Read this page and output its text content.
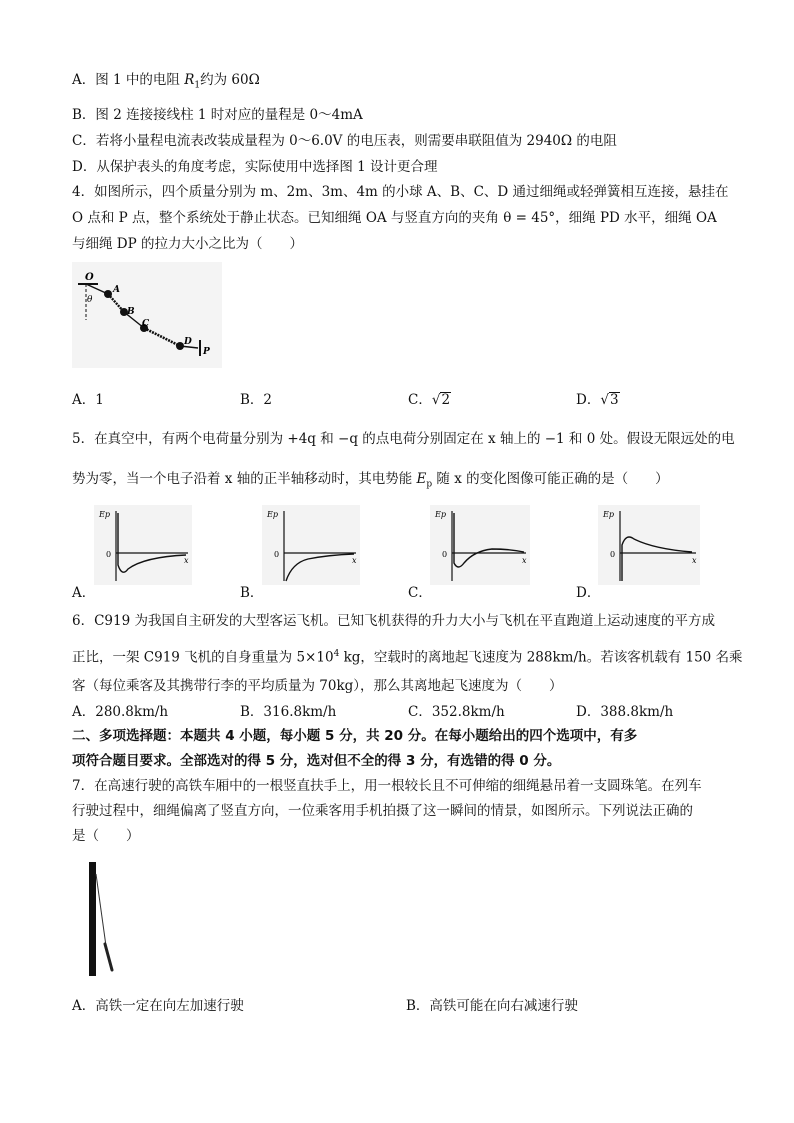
A．图 1 中的电阻 $R_1$约为 60Ω
B．图 2 连接接线柱 1 时对应的量程是 0～4mA
C．若将小量程电流表改装成量程为 0～6.0V 的电压表，则需要串联阻值为 2940Ω 的电阻
D．从保护表头的角度考虑，实际使用中选择图 1 设计更合理
4．如图所示，四个质量分别为 m、2m、3m、4m 的小球 A、B、C、D 通过细绳或轻弹簧相互连接，悬挂在
O 点和 P 点，整个系统处于静止状态。已知细绳 OA 与竖直方向的夹角 θ = 45°，细绳 PD 水平，细绳 OA
与细绳 DP 的拉力大小之比为（　　）
O
θ
A
B
C
D
P
A．1	B．2	C．√2	D．√3
5．在真空中，有两个电荷量分别为 +4q 和 −q 的点电荷分别固定在 x 轴上的 −1 和 0 处。假设无限远处的电
势为零，当一个电子沿着 x 轴的正半轴移动时，其电势能 $E_p$ 随 x 的变化图像可能正确的是（　　）
Ep
0
x
Ep
0
x
Ep
0
x
Ep
0
x
A．	B．	C．	D．
6．C919 为我国自主研发的大型客运飞机。已知飞机获得的升力大小与飞机在平直跑道上运动速度的平方成
正比，一架 C919 飞机的自身重量为 $5\times 10^4$ kg，空载时的离地起飞速度为 288km/h。若该客机载有 150 名乘
客（每位乘客及其携带行李的平均质量为 70kg），那么其离地起飞速度为（　　）
A．280.8km/h	B．316.8km/h	C．352.8km/h	D．388.8km/h
二、多项选择题：本题共 4 小题，每小题 5 分，共 20 分。在每小题给出的四个选项中，有多
项符合题目要求。全部选对的得 5 分，选对但不全的得 3 分，有选错的得 0 分。
7．在高速行驶的高铁车厢中的一根竖直扶手上，用一根较长且不可伸缩的细绳悬吊着一支圆珠笔。在列车
行驶过程中，细绳偏离了竖直方向，一位乘客用手机拍摄了这一瞬间的情景，如图所示。下列说法正确的
是（　　）
A．高铁一定在向左加速行驶	B．高铁可能在向右减速行驶
